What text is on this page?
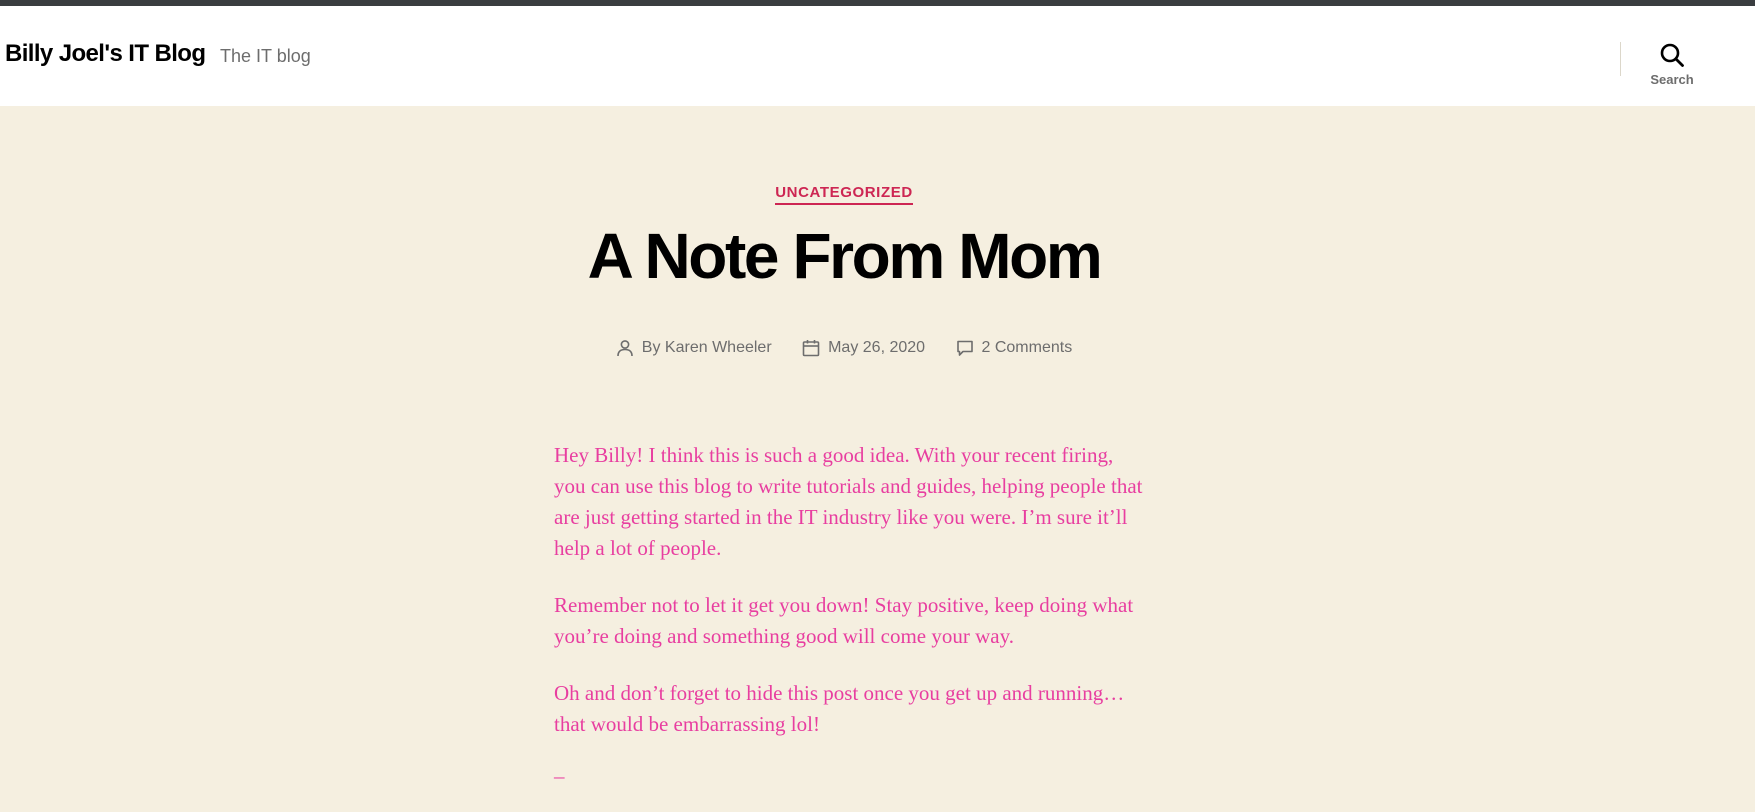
Billy Joel's IT Blog The IT blog
Search
UNCATEGORIZED
A Note From Mom
By Karen Wheeler	May 26, 2020	2 Comments

Hey Billy! I think this is such a good idea. With your recent firing, you can use this blog to write tutorials and guides, helping people that are just getting started in the IT industry like you were. I’m sure it’ll help a lot of people.

Remember not to let it get you down! Stay positive, keep doing what you’re doing and something good will come your way.

Oh and don’t forget to hide this post once you get up and running… that would be embarrassing lol!

–
